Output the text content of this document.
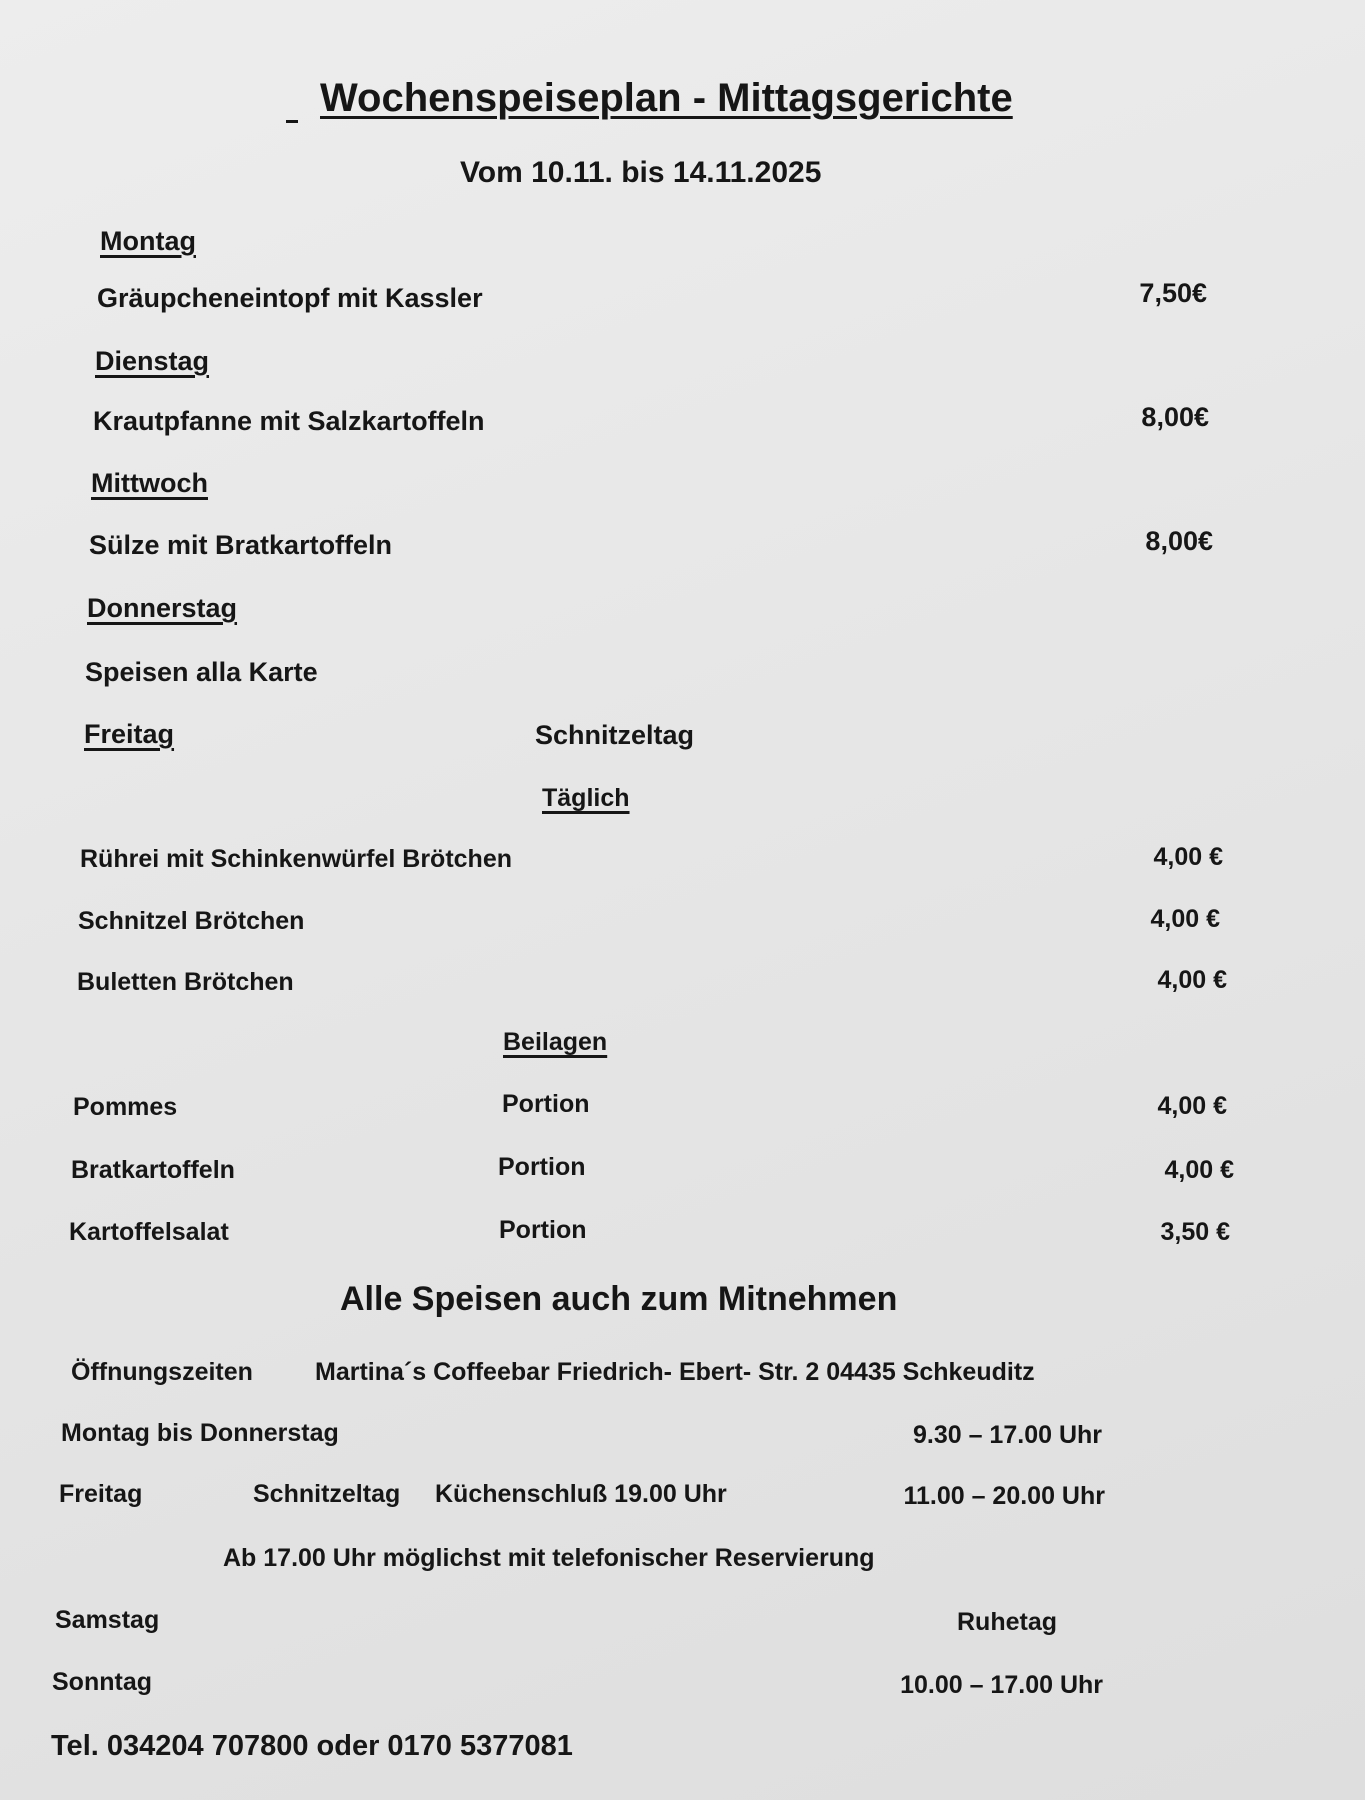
Wochenspeiseplan - Mittagsgerichte
Vom 10.11. bis 14.11.2025
Montag
Gräupcheneintopf mit Kassler	7,50€
Dienstag
Krautpfanne mit Salzkartoffeln	8,00€
Mittwoch
Sülze mit Bratkartoffeln	8,00€
Donnerstag
Speisen alla Karte
Freitag	Schnitzeltag
Täglich
Rührei mit Schinkenwürfel Brötchen	4,00 €
Schnitzel Brötchen	4,00 €
Buletten Brötchen	4,00 €
Beilagen
Pommes	Portion	4,00 €
Bratkartoffeln	Portion	4,00 €
Kartoffelsalat	Portion	3,50 €
Alle Speisen auch zum Mitnehmen
Öffnungszeiten Martina´s Coffeebar Friedrich- Ebert- Str. 2 04435 Schkeuditz
Montag bis Donnerstag	9.30 – 17.00 Uhr
Freitag	Schnitzeltag Küchenschluß 19.00 Uhr	11.00 – 20.00 Uhr
Ab 17.00 Uhr möglichst mit telefonischer Reservierung
Samstag	Ruhetag
Sonntag	10.00 – 17.00 Uhr
Tel. 034204 707800 oder 0170 5377081
